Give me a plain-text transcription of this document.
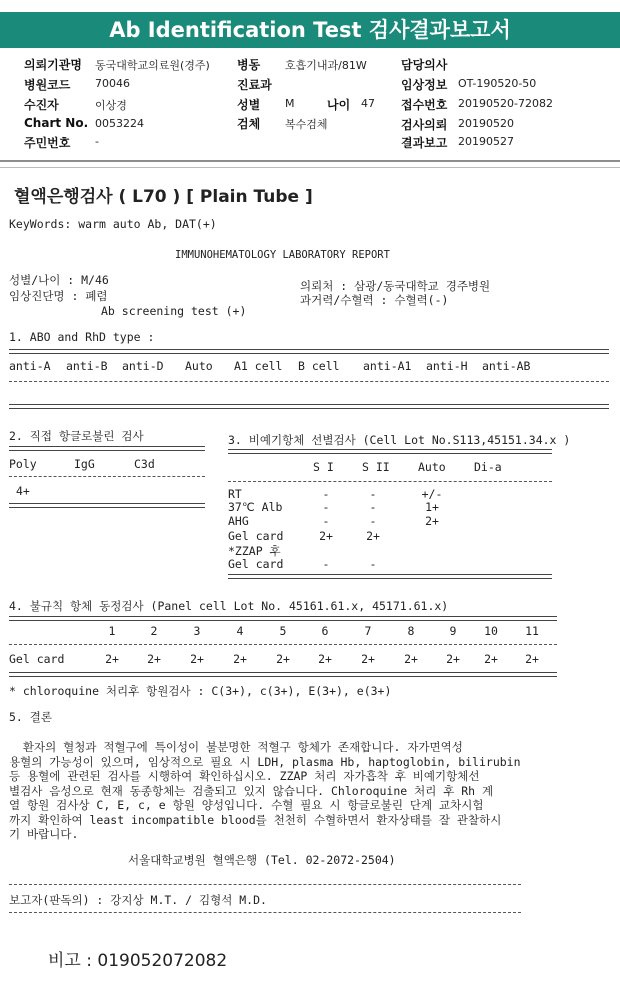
Ab Identification Test 검사결과보고서
의뢰기관명 동국대학교의료원(경주) 병동 호흡기내과/81W	담당의사
병원코드 70046	진료과	임상정보 OT-190520-50
수진자	이상경	성별 M	나이 47 접수번호 20190520-72082
Chart No. 0053224	검체 복수검체	검사의뢰 20190520
주민번호 -	결과보고 20190527
혈액은행검사 ( L70 ) [ Plain Tube ]
KeyWords: warm auto Ab, DAT(+)
IMMUNOHEMATOLOGY LABORATORY REPORT
성별/나이 : M/46
임상진단명 : 폐렴
Ab screening test (+)
의뢰처 : 삼광/동국대학교 경주병원
과거력/수혈력 : 수혈력(-)
1. ABO and RhD type :
anti-A anti-B anti-D Auto A1 cell B cell anti-A1 anti-H anti-AB
2. 직접 항글로불린 검사
Poly	IgG	C3d
4+
3. 비예기항체 선별검사 (Cell Lot No.S113,45151.34.x )
S I S II Auto Di-a
RT	-	-	+/-
37℃ Alb	-	-	1+
AHG	-	-	2+
Gel card	2+	2+
*ZZAP 후
Gel card	-	-
4. 불규칙 항체 동정검사 (Panel cell Lot No. 45161.61.x, 45171.61.x)
1	2	3	4	5	6	7	8	9	10	11
Gel card	2+	2+	2+	2+	2+	2+	2+	2+	2+	2+	2+
* chloroquine 처리후 항원검사 : C(3+), c(3+), E(3+), e(3+)
5. 결론
환자의 혈청과 적혈구에 특이성이 불분명한 적혈구 항체가 존재합니다. 자가면역성
용혈의 가능성이 있으며, 임상적으로 필요 시 LDH, plasma Hb, haptoglobin, bilirubin
등 용혈에 관련된 검사를 시행하여 확인하십시오. ZZAP 처리 자가흡착 후 비예기항체선
별검사 음성으로 현재 동종항체는 검출되고 있지 않습니다. Chloroquine 처리 후 Rh 계
열 항원 검사상 C, E, c, e 항원 양성입니다. 수혈 필요 시 항글로불린 단계 교차시험
까지 확인하여 least incompatible blood를 천천히 수혈하면서 환자상태를 잘 관찰하시
기 바랍니다.
서울대학교병원 혈액은행 (Tel. 02-2072-2504)
보고자(판독의) : 강지상 M.T. / 김형석 M.D.
비고 : 019052072082
